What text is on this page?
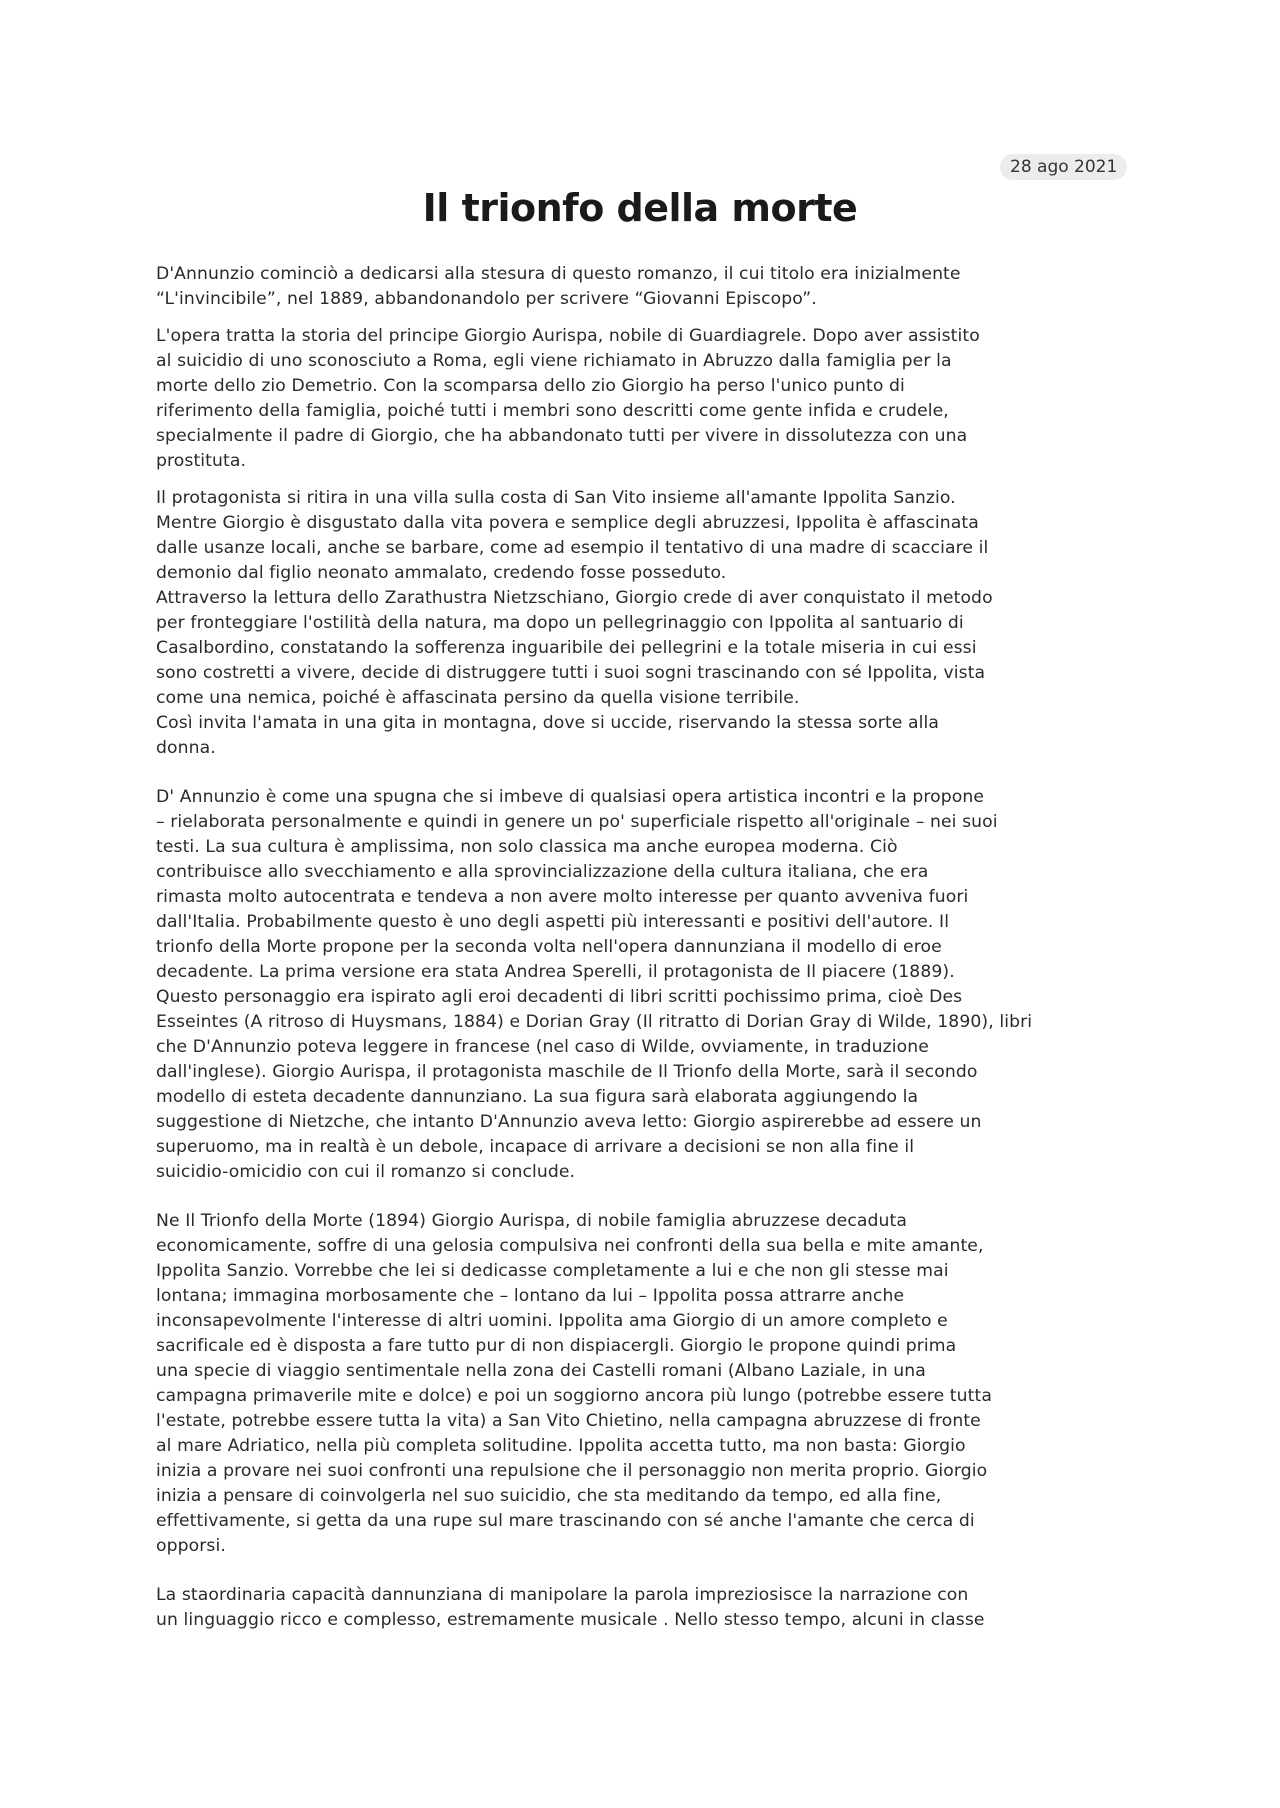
28 ago 2021
Il trionfo della morte
D'Annunzio cominciò a dedicarsi alla stesura di questo romanzo, il cui titolo era inizialmente
“L'invincibile”, nel 1889, abbandonandolo per scrivere “Giovanni Episcopo”.
L'opera tratta la storia del principe Giorgio Aurispa, nobile di Guardiagrele. Dopo aver assistito
al suicidio di uno sconosciuto a Roma, egli viene richiamato in Abruzzo dalla famiglia per la
morte dello zio Demetrio. Con la scomparsa dello zio Giorgio ha perso l'unico punto di
riferimento della famiglia, poiché tutti i membri sono descritti come gente infida e crudele,
specialmente il padre di Giorgio, che ha abbandonato tutti per vivere in dissolutezza con una
prostituta.
Il protagonista si ritira in una villa sulla costa di San Vito insieme all'amante Ippolita Sanzio.
Mentre Giorgio è disgustato dalla vita povera e semplice degli abruzzesi, Ippolita è affascinata
dalle usanze locali, anche se barbare, come ad esempio il tentativo di una madre di scacciare il
demonio dal figlio neonato ammalato, credendo fosse posseduto.
Attraverso la lettura dello Zarathustra Nietzschiano, Giorgio crede di aver conquistato il metodo
per fronteggiare l'ostilità della natura, ma dopo un pellegrinaggio con Ippolita al santuario di
Casalbordino, constatando la sofferenza inguaribile dei pellegrini e la totale miseria in cui essi
sono costretti a vivere, decide di distruggere tutti i suoi sogni trascinando con sé Ippolita, vista
come una nemica, poiché è affascinata persino da quella visione terribile.
Così invita l'amata in una gita in montagna, dove si uccide, riservando la stessa sorte alla
donna.
D' Annunzio è come una spugna che si imbeve di qualsiasi opera artistica incontri e la propone
– rielaborata personalmente e quindi in genere un po' superficiale rispetto all'originale – nei suoi
testi. La sua cultura è amplissima, non solo classica ma anche europea moderna. Ciò
contribuisce allo svecchiamento e alla sprovincializzazione della cultura italiana, che era
rimasta molto autocentrata e tendeva a non avere molto interesse per quanto avveniva fuori
dall'Italia. Probabilmente questo è uno degli aspetti più interessanti e positivi dell'autore. Il
trionfo della Morte propone per la seconda volta nell'opera dannunziana il modello di eroe
decadente. La prima versione era stata Andrea Sperelli, il protagonista de Il piacere (1889).
Questo personaggio era ispirato agli eroi decadenti di libri scritti pochissimo prima, cioè Des
Esseintes (A ritroso di Huysmans, 1884) e Dorian Gray (Il ritratto di Dorian Gray di Wilde, 1890), libri
che D'Annunzio poteva leggere in francese (nel caso di Wilde, ovviamente, in traduzione
dall'inglese). Giorgio Aurispa, il protagonista maschile de Il Trionfo della Morte, sarà il secondo
modello di esteta decadente dannunziano. La sua figura sarà elaborata aggiungendo la
suggestione di Nietzche, che intanto D'Annunzio aveva letto: Giorgio aspirerebbe ad essere un
superuomo, ma in realtà è un debole, incapace di arrivare a decisioni se non alla fine il
suicidio-omicidio con cui il romanzo si conclude.
Ne Il Trionfo della Morte (1894) Giorgio Aurispa, di nobile famiglia abruzzese decaduta
economicamente, soffre di una gelosia compulsiva nei confronti della sua bella e mite amante,
Ippolita Sanzio. Vorrebbe che lei si dedicasse completamente a lui e che non gli stesse mai
lontana; immagina morbosamente che – lontano da lui – Ippolita possa attrarre anche
inconsapevolmente l'interesse di altri uomini. Ippolita ama Giorgio di un amore completo e
sacrificale ed è disposta a fare tutto pur di non dispiacergli. Giorgio le propone quindi prima
una specie di viaggio sentimentale nella zona dei Castelli romani (Albano Laziale, in una
campagna primaverile mite e dolce) e poi un soggiorno ancora più lungo (potrebbe essere tutta
l'estate, potrebbe essere tutta la vita) a San Vito Chietino, nella campagna abruzzese di fronte
al mare Adriatico, nella più completa solitudine. Ippolita accetta tutto, ma non basta: Giorgio
inizia a provare nei suoi confronti una repulsione che il personaggio non merita proprio. Giorgio
inizia a pensare di coinvolgerla nel suo suicidio, che sta meditando da tempo, ed alla fine,
effettivamente, si getta da una rupe sul mare trascinando con sé anche l'amante che cerca di
opporsi.
La staordinaria capacità dannunziana di manipolare la parola impreziosisce la narrazione con
un linguaggio ricco e complesso, estremamente musicale . Nello stesso tempo, alcuni in classe
